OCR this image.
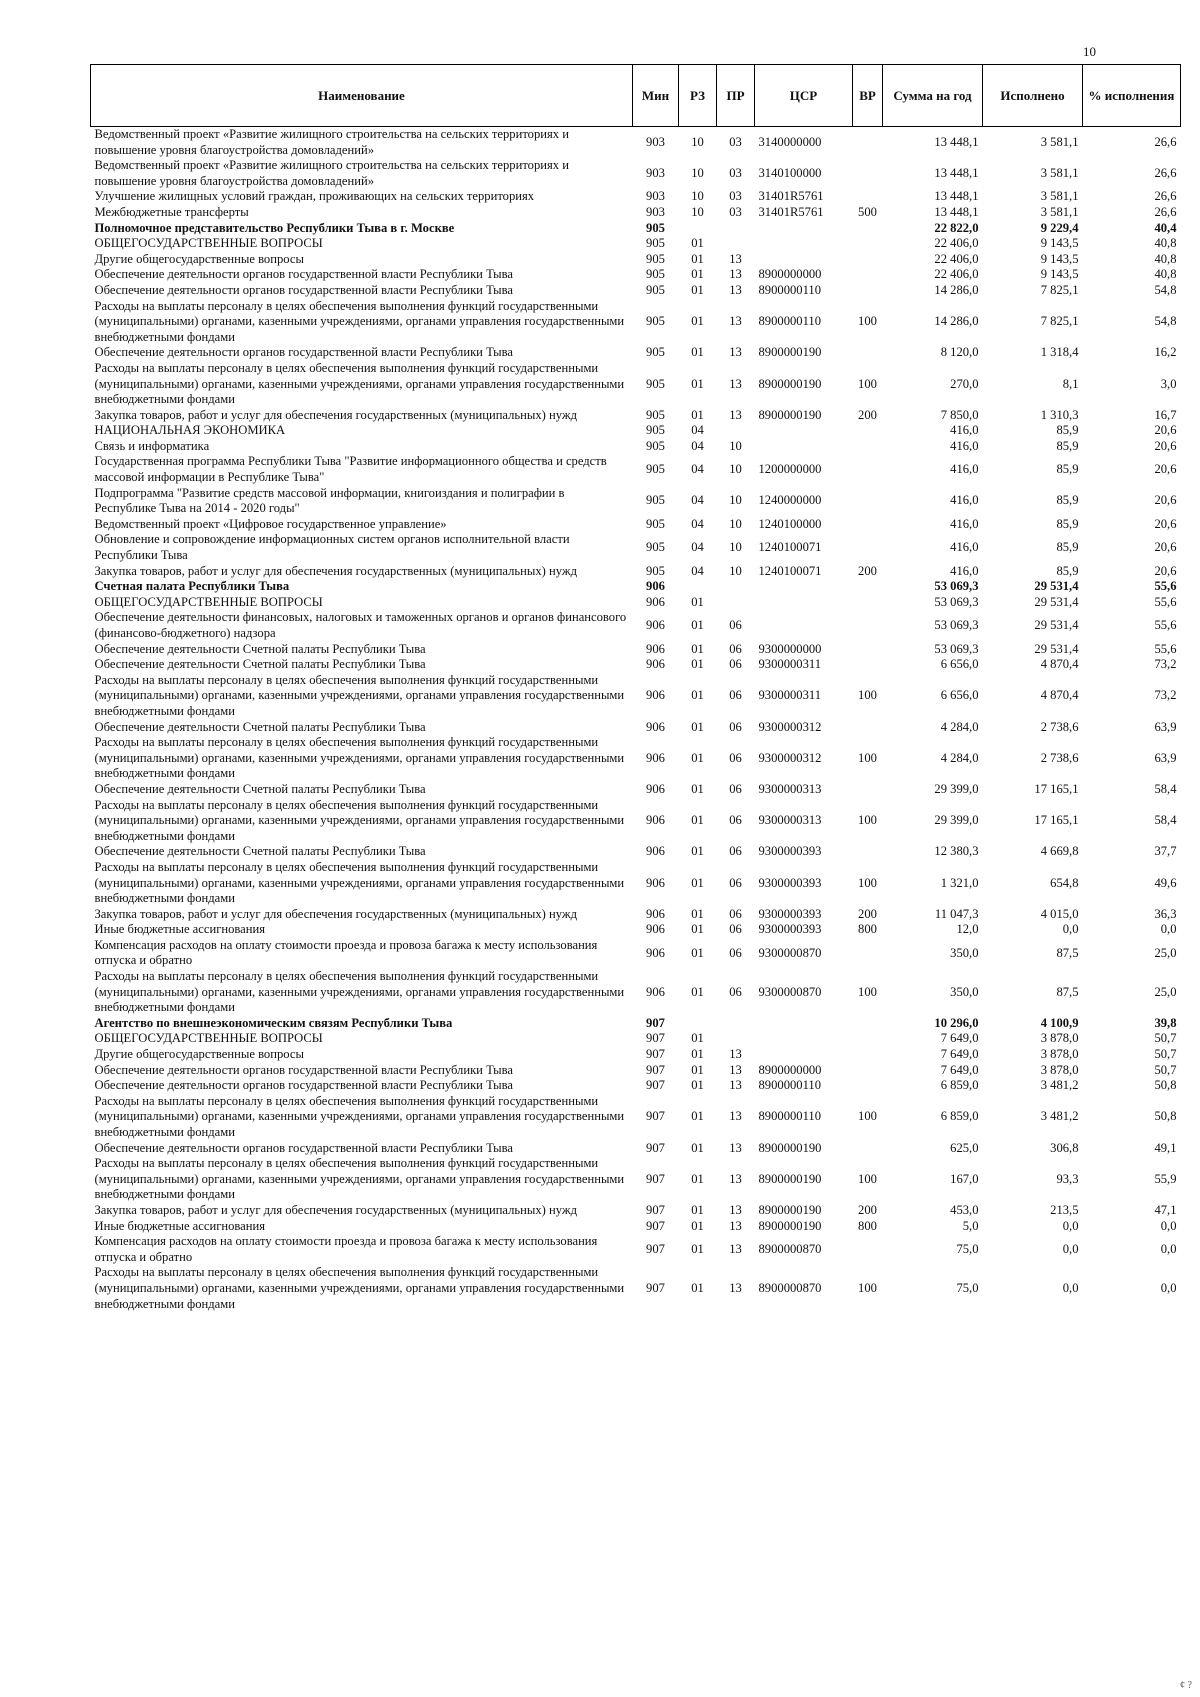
10
Наименование	Мин	РЗ	ПР	ЦСР	ВР	Сумма на год	Исполнено	% исполнения
Ведомственный проект «Развитие жилищного строительства на сельских территориях и повышение уровня благоустройства домовладений»	903	10	03	3140000000		13 448,1	3 581,1	26,6
Ведомственный проект «Развитие жилищного строительства на сельских территориях и повышение уровня благоустройства домовладений»	903	10	03	3140100000		13 448,1	3 581,1	26,6
Улучшение жилищных условий граждан, проживающих на сельских территориях	903	10	03	31401R5761		13 448,1	3 581,1	26,6
Межбюджетные трансферты	903	10	03	31401R5761	500	13 448,1	3 581,1	26,6
Полномочное представительство Республики Тыва в г. Москве	905					22 822,0	9 229,4	40,4
ОБЩЕГОСУДАРСТВЕННЫЕ ВОПРОСЫ	905	01				22 406,0	9 143,5	40,8
Другие общегосударственные вопросы	905	01	13			22 406,0	9 143,5	40,8
Обеспечение деятельности органов государственной власти Республики Тыва	905	01	13	8900000000		22 406,0	9 143,5	40,8
Обеспечение деятельности органов государственной власти Республики Тыва	905	01	13	8900000110		14 286,0	7 825,1	54,8
Расходы на выплаты персоналу в целях обеспечения выполнения функций государственными (муниципальными) органами, казенными учреждениями, органами управления государственными внебюджетными фондами	905	01	13	8900000110	100	14 286,0	7 825,1	54,8
Обеспечение деятельности органов государственной власти Республики Тыва	905	01	13	8900000190		8 120,0	1 318,4	16,2
Расходы на выплаты персоналу в целях обеспечения выполнения функций государственными (муниципальными) органами, казенными учреждениями, органами управления государственными внебюджетными фондами	905	01	13	8900000190	100	270,0	8,1	3,0
Закупка товаров, работ и услуг для обеспечения государственных (муниципальных) нужд	905	01	13	8900000190	200	7 850,0	1 310,3	16,7
НАЦИОНАЛЬНАЯ ЭКОНОМИКА	905	04				416,0	85,9	20,6
Связь и информатика	905	04	10			416,0	85,9	20,6
Государственная программа Республики Тыва "Развитие информационного общества и средств массовой информации в Республике Тыва"	905	04	10	1200000000		416,0	85,9	20,6
Подпрограмма "Развитие средств массовой информации, книгоиздания и полиграфии в Республике Тыва на 2014 - 2020 годы"	905	04	10	1240000000		416,0	85,9	20,6
Ведомственный проект «Цифровое государственное управление»	905	04	10	1240100000		416,0	85,9	20,6
Обновление и сопровождение информационных систем органов исполнительной власти Республики Тыва	905	04	10	1240100071		416,0	85,9	20,6
Закупка товаров, работ и услуг для обеспечения государственных (муниципальных) нужд	905	04	10	1240100071	200	416,0	85,9	20,6
Счетная палата Республики Тыва	906					53 069,3	29 531,4	55,6
ОБЩЕГОСУДАРСТВЕННЫЕ ВОПРОСЫ	906	01				53 069,3	29 531,4	55,6
Обеспечение деятельности финансовых, налоговых и таможенных органов и органов финансового (финансово-бюджетного) надзора	906	01	06			53 069,3	29 531,4	55,6
Обеспечение деятельности Счетной палаты Республики Тыва	906	01	06	9300000000		53 069,3	29 531,4	55,6
Обеспечение деятельности Счетной палаты Республики Тыва	906	01	06	9300000311		6 656,0	4 870,4	73,2
Расходы на выплаты персоналу в целях обеспечения выполнения функций государственными (муниципальными) органами, казенными учреждениями, органами управления государственными внебюджетными фондами	906	01	06	9300000311	100	6 656,0	4 870,4	73,2
Обеспечение деятельности Счетной палаты Республики Тыва	906	01	06	9300000312		4 284,0	2 738,6	63,9
Расходы на выплаты персоналу в целях обеспечения выполнения функций государственными (муниципальными) органами, казенными учреждениями, органами управления государственными внебюджетными фондами	906	01	06	9300000312	100	4 284,0	2 738,6	63,9
Обеспечение деятельности Счетной палаты Республики Тыва	906	01	06	9300000313		29 399,0	17 165,1	58,4
Расходы на выплаты персоналу в целях обеспечения выполнения функций государственными (муниципальными) органами, казенными учреждениями, органами управления государственными внебюджетными фондами	906	01	06	9300000313	100	29 399,0	17 165,1	58,4
Обеспечение деятельности Счетной палаты Республики Тыва	906	01	06	9300000393		12 380,3	4 669,8	37,7
Расходы на выплаты персоналу в целях обеспечения выполнения функций государственными (муниципальными) органами, казенными учреждениями, органами управления государственными внебюджетными фондами	906	01	06	9300000393	100	1 321,0	654,8	49,6
Закупка товаров, работ и услуг для обеспечения государственных (муниципальных) нужд	906	01	06	9300000393	200	11 047,3	4 015,0	36,3
Иные бюджетные ассигнования	906	01	06	9300000393	800	12,0	0,0	0,0
Компенсация расходов на оплату стоимости проезда и провоза багажа к месту использования отпуска и обратно	906	01	06	9300000870		350,0	87,5	25,0
Расходы на выплаты персоналу в целях обеспечения выполнения функций государственными (муниципальными) органами, казенными учреждениями, органами управления государственными внебюджетными фондами	906	01	06	9300000870	100	350,0	87,5	25,0
Агентство по внешнеэкономическим связям Республики Тыва	907					10 296,0	4 100,9	39,8
ОБЩЕГОСУДАРСТВЕННЫЕ ВОПРОСЫ	907	01				7 649,0	3 878,0	50,7
Другие общегосударственные вопросы	907	01	13			7 649,0	3 878,0	50,7
Обеспечение деятельности органов государственной власти Республики Тыва	907	01	13	8900000000		7 649,0	3 878,0	50,7
Обеспечение деятельности органов государственной власти Республики Тыва	907	01	13	8900000110		6 859,0	3 481,2	50,8
Расходы на выплаты персоналу в целях обеспечения выполнения функций государственными (муниципальными) органами, казенными учреждениями, органами управления государственными внебюджетными фондами	907	01	13	8900000110	100	6 859,0	3 481,2	50,8
Обеспечение деятельности органов государственной власти Республики Тыва	907	01	13	8900000190		625,0	306,8	49,1
Расходы на выплаты персоналу в целях обеспечения выполнения функций государственными (муниципальными) органами, казенными учреждениями, органами управления государственными внебюджетными фондами	907	01	13	8900000190	100	167,0	93,3	55,9
Закупка товаров, работ и услуг для обеспечения государственных (муниципальных) нужд	907	01	13	8900000190	200	453,0	213,5	47,1
Иные бюджетные ассигнования	907	01	13	8900000190	800	5,0	0,0	0,0
Компенсация расходов на оплату стоимости проезда и провоза багажа к месту использования отпуска и обратно	907	01	13	8900000870		75,0	0,0	0,0
Расходы на выплаты персоналу в целях обеспечения выполнения функций государственными (муниципальными) органами, казенными учреждениями, органами управления государственными внебюджетными фондами	907	01	13	8900000870	100	75,0	0,0	0,0
¢ ?
